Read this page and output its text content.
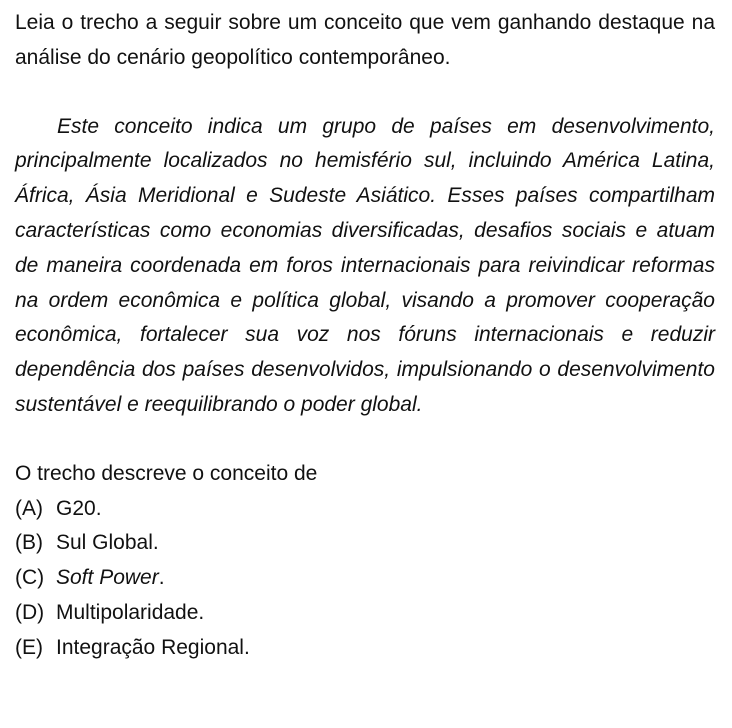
Leia o trecho a seguir sobre um conceito que vem ganhando destaque na análise do cenário geopolítico contemporâneo.

Este conceito indica um grupo de países em desenvolvimento, principalmente localizados no hemisfério sul, incluindo América Latina, África, Ásia Meridional e Sudeste Asiático. Esses países compartilham características como economias diversificadas, desafios sociais e atuam de maneira coordenada em foros internacionais para reivindicar reformas na ordem econômica e política global, visando a promover cooperação econômica, fortalecer sua voz nos fóruns internacionais e reduzir dependência dos países desenvolvidos, impulsionando o desenvolvimento sustentável e reequilibrando o poder global.

O trecho descreve o conceito de

(A) G20.
(B) Sul Global.
(C) Soft Power.
(D) Multipolaridade.
(E) Integração Regional.
